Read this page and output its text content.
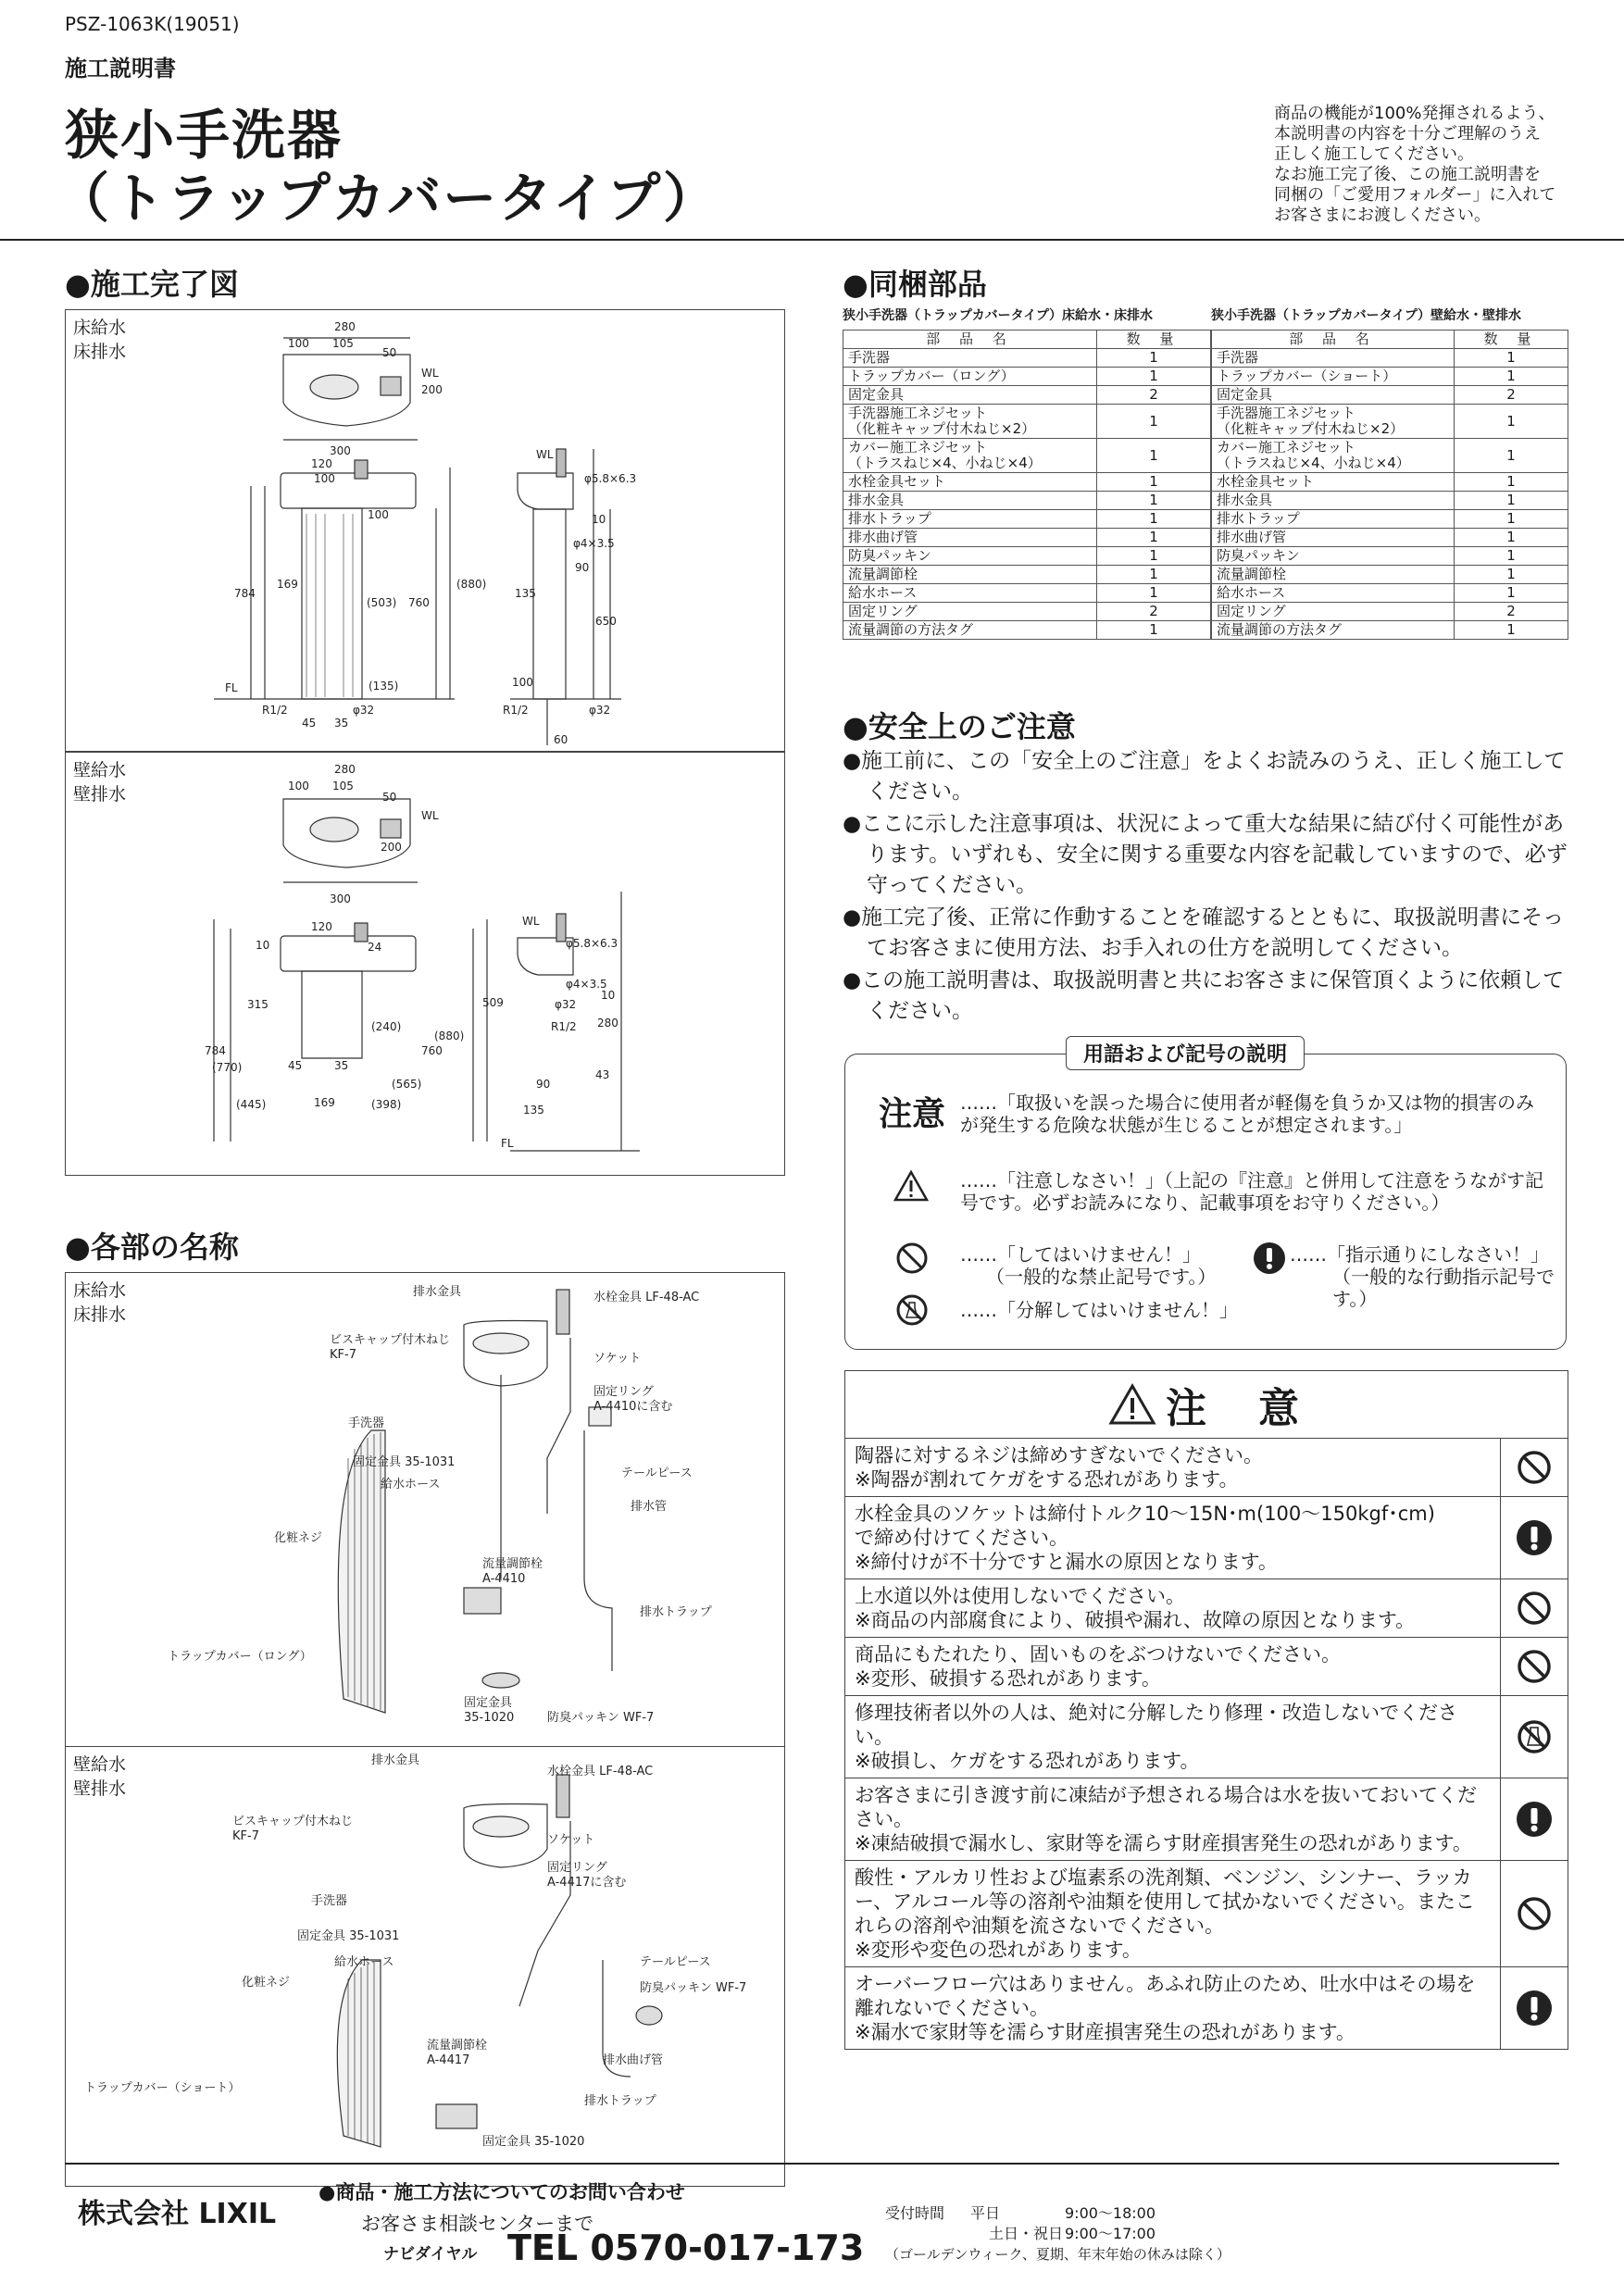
PSZ-1063K(19051)
施工説明書
狭小手洗器
（トラップカバータイプ）
商品の機能が100%発揮されるよう、
本説明書の内容を十分ご理解のうえ
正しく施工してください。
なお施工完了後、この施工説明書を
同梱の「ご愛用フォルダー」に入れて
お客さまにお渡しください。
●施工完了図
床給水
床排水
280
100 105
50
WL
200
300
120
100
100
(880)
169
784
760
(503)
(135)
FL
R1/2
45 35
φ32
φ5.8×6.3
10
φ4×3.5
90
135
650
100
φ32
R1/2
60
WL
壁給水
壁排水
280
100 105
50
WL
200
300
120
10	24
315
(240)
784
(770)
760
(880)
45	35
169
(565)
(445)	(398)
WL
φ5.8×6.3
φ4×3.5
509	φ32
10
280
R1/2
43
90
135
FL
●各部の名称
床給水
床排水
排水金具	水栓金具 LF-48-AC
ビスキャップ付木ねじ
KF-7	ソケット
手洗器
固定リング
A-4410に含む
固定金具 35-1031
給水ホース
テールピース
化粧ネジ
排水管
流量調節栓
A-4410
排水トラップ
トラップカバー（ロング）
固定金具
35-1020	防臭パッキン WF-7
壁給水
壁排水
排水金具
水栓金具 LF-48-AC
ビスキャップ付木ねじ
KF-7	ソケット
固定リング
A-4417に含む
手洗器
固定金具 35-1031
給水ホース	テールピース
化粧ネジ	防臭パッキン WF-7
流量調節栓
A-4417	排水曲げ管
トラップカバー（ショート）
排水トラップ
固定金具 35-1020
●同梱部品
狭小手洗器（トラップカバータイプ）床給水・床排水
部 品 名	数 量

手洗器	1

トラップカバー（ロング）	1

固定金具	2

手洗器施工ネジセット
（化粧キャップ付木ねじ×2）	1

カバー施工ネジセット
（トラスねじ×4、小ねじ×4）	1

水栓金具セット	1

排水金具	1

排水トラップ	1

排水曲げ管	1

防臭パッキン	1

流量調節栓	1

給水ホース	1

固定リング	2

流量調節の方法タグ	1
狭小手洗器（トラップカバータイプ）壁給水・壁排水
部 品 名	数 量

手洗器	1

トラップカバー（ショート）	1

固定金具	2

手洗器施工ネジセット
（化粧キャップ付木ねじ×2）	1

カバー施工ネジセット
（トラスねじ×4、小ねじ×4）	1

水栓金具セット	1

排水金具	1

排水トラップ	1

排水曲げ管	1

防臭パッキン	1

流量調節栓	1

給水ホース	1

固定リング	2

流量調節の方法タグ	1
●安全上のご注意
●施工前に、この「安全上のご注意」をよくお読みのうえ、正しく施工してください。
●ここに示した注意事項は、状況によって重大な結果に結び付く可能性があります。いずれも、安全に関する重要な内容を記載していますので、必ず守ってください。
●施工完了後、正常に作動することを確認するとともに、取扱説明書にそってお客さまに使用方法、お手入れの仕方を説明してください。
●この施工説明書は、取扱説明書と共にお客さまに保管頂くように依頼してください。
用語および記号の説明
注意 ……「取扱いを誤った場合に使用者が軽傷を負うか又は物的損害のみが発生する危険な状態が生じることが想定されます。」
……「注意しなさい！」（上記の『注意』と併用して注意をうながす記号です。必ずお読みになり、記載事項をお守りください。）
……「してはいけません！」
（一般的な禁止記号です。）
……「指示通りにしなさい！」
（一般的な行動指示記号です。）
……「分解してはいけません！」
注　意
陶器に対するネジは締めすぎないでください。
※陶器が割れてケガをする恐れがあります。
水栓金具のソケットは締付トルク10～15N･m(100～150kgf･cm)
で締め付けてください。
※締付けが不十分ですと漏水の原因となります。
上水道以外は使用しないでください。
※商品の内部腐食により、破損や漏れ、故障の原因となります。
商品にもたれたり、固いものをぶつけないでください。
※変形、破損する恐れがあります。
修理技術者以外の人は、絶対に分解したり修理・改造しないでください。
※破損し、ケガをする恐れがあります。
お客さまに引き渡す前に凍結が予想される場合は水を抜いておいてください。
※凍結破損で漏水し、家財等を濡らす財産損害発生の恐れがあります。
酸性・アルカリ性および塩素系の洗剤類、ベンジン、シンナー、ラッカー、アルコール等の溶剤や油類を使用して拭かないでください。またこれらの溶剤や油類を流さないでください。
※変形や変色の恐れがあります。
オーバーフロー穴はありません。あふれ防止のため、吐水中はその場を離れないでください。
※漏水で家財等を濡らす財産損害発生の恐れがあります。
株式会社 LIXIL
●商品・施工方法についてのお問い合わせ
お客さま相談センターまで
ナビダイヤル TEL 0570-017-173
受付時間 平日	9:00～18:00
土日・祝日 9:00～17:00
（ゴールデンウィーク、夏期、年末年始の休みは除く）
